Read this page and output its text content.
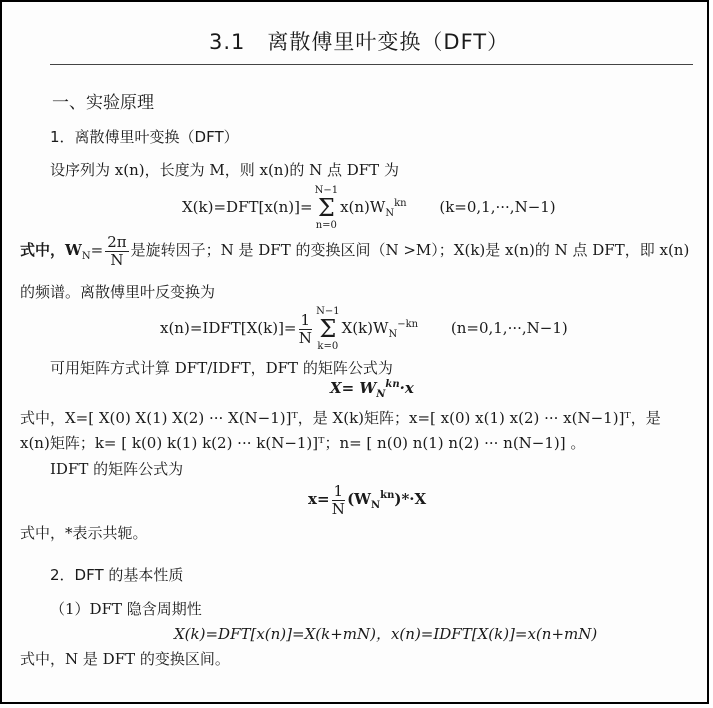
3.1　离散傅里叶变换（DFT）
一、实验原理
1．离散傅里叶变换（DFT）
设序列为 x(n)，长度为 M，则 x(n)的 N 点 DFT 为
X(k)=DFT[x(n)]=
N−1
Σ
n=0
$x(n)W_N^{kn}$ (k=0,1,···,N−1)
式中，$W_N= \frac{2\pi}{N}$ 是旋转因子；N 是 DFT 的变换区间（N >M）；X(k)是 x(n)的 N 点 DFT，即 x(n)
的频谱。离散傅里叶反变换为
x(n)=IDFT[X(k)]= $\frac{1}{N} N-1$
Σ
k=0
$X(k)W_N^{-kn}$ (n=0,1,···,N−1)
可用矩阵方式计算 DFT/IDFT，DFT 的矩阵公式为
$X= W_N^{kn}\cdot x$
式中，X=[ X(0) X(1) X(2) ··· X(N−1)]ᵀ，是 X(k)矩阵；x=[ x(0) x(1) x(2) ··· x(N−1)]ᵀ，是
x(n)矩阵；k= [ k(0) k(1) k(2) ··· k(N−1)]ᵀ；n= [ n(0) n(1) n(2) ··· n(N−1)] 。
IDFT 的矩阵公式为
$x= \frac{1}{N} (W_N^{kn})*\cdot X$
式中，*表示共轭。
2．DFT 的基本性质
（1）DFT 隐含周期性
X(k)=DFT[x(n)]=X(k+mN)，x(n)=IDFT[X(k)]=x(n+mN)
式中，N 是 DFT 的变换区间。
